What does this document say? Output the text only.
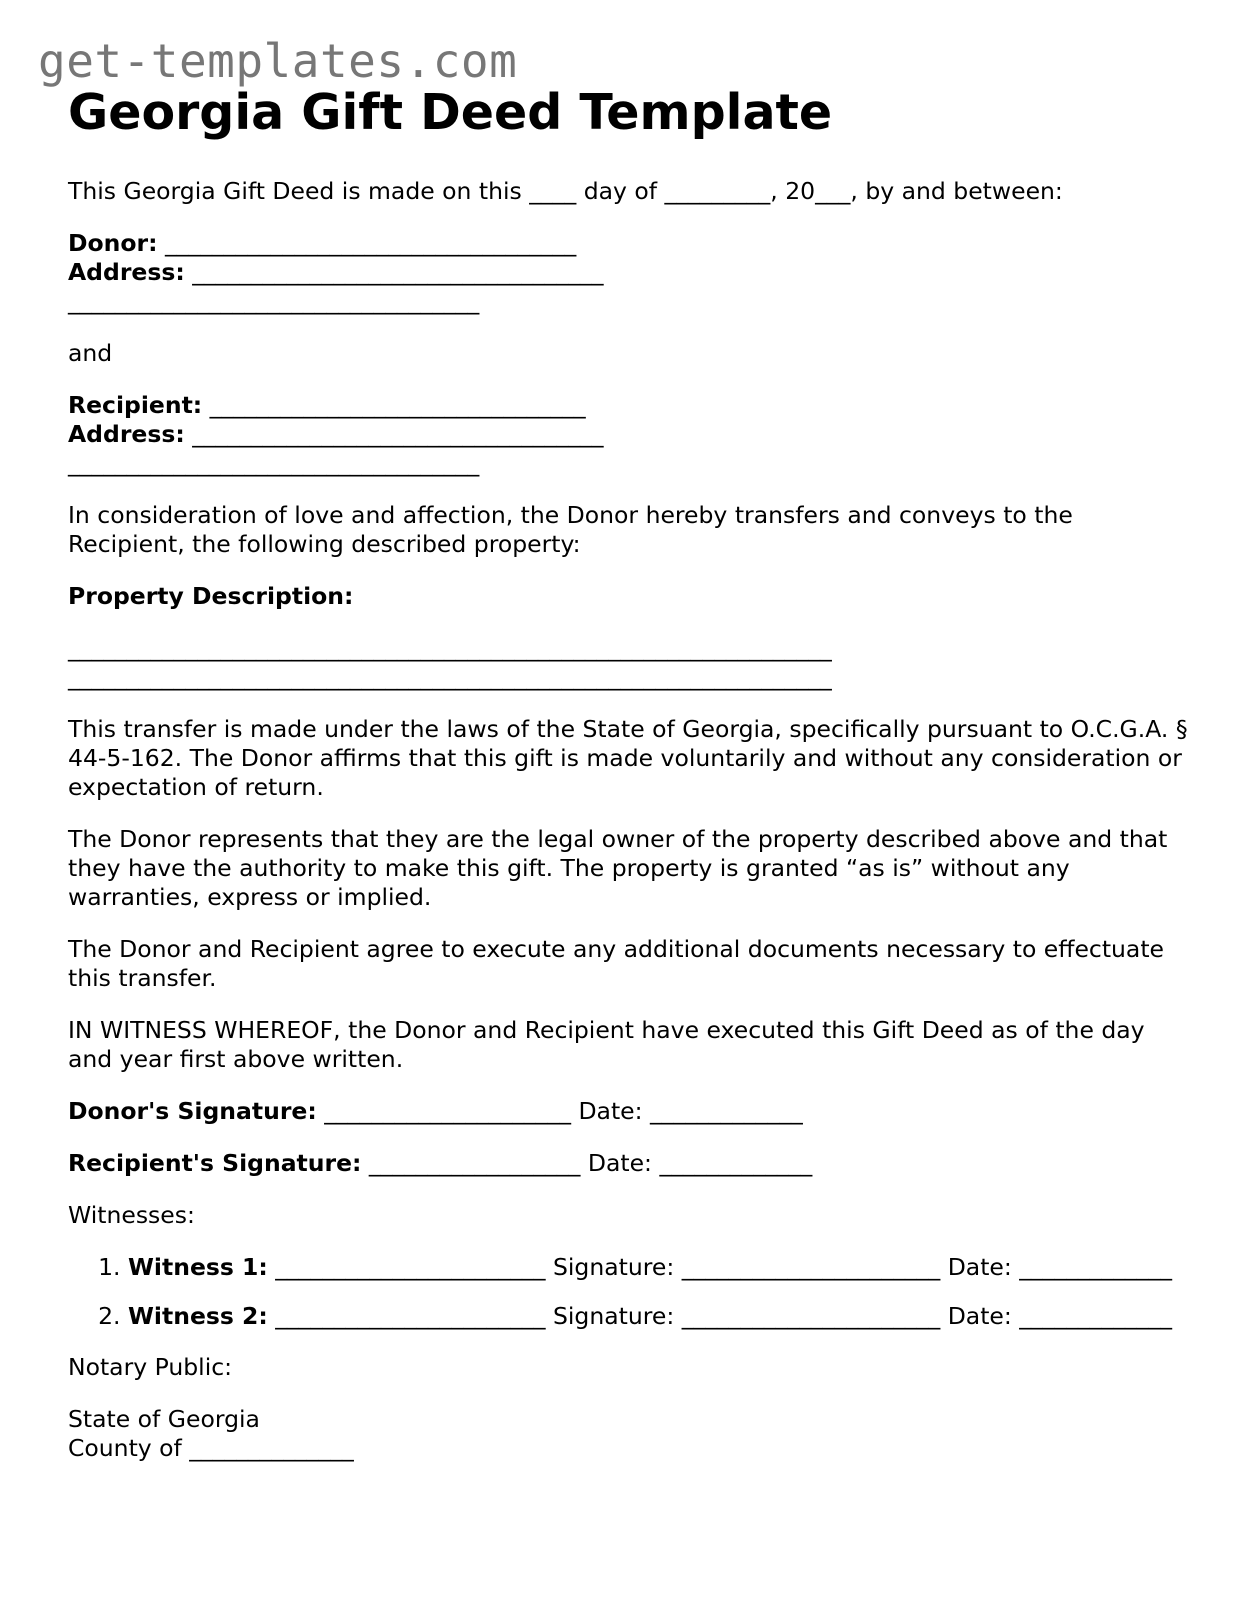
get-templates.com
Georgia Gift Deed Template

This Georgia Gift Deed is made on this ____ day of _________, 20___, by and between:

Donor: ___________________________________
Address: ___________________________________
___________________________________

and

Recipient: ________________________________
Address: ___________________________________
___________________________________

In consideration of love and affection, the Donor hereby transfers and conveys to the Recipient, the following described property:

Property Description:

_________________________________________________________________
_________________________________________________________________

This transfer is made under the laws of the State of Georgia, specifically pursuant to O.C.G.A. § 44-5-162. The Donor affirms that this gift is made voluntarily and without any consideration or expectation of return.

The Donor represents that they are the legal owner of the property described above and that they have the authority to make this gift. The property is granted “as is” without any warranties, express or implied.

The Donor and Recipient agree to execute any additional documents necessary to effectuate this transfer.

IN WITNESS WHEREOF, the Donor and Recipient have executed this Gift Deed as of the day and year first above written.

Donor's Signature: _____________________ Date: _____________

Recipient's Signature: __________________ Date: _____________

Witnesses:

1. Witness 1: _______________________ Signature: ______________________ Date: _____________
2. Witness 2: _______________________ Signature: ______________________ Date: _____________

Notary Public:

State of Georgia
County of ______________
